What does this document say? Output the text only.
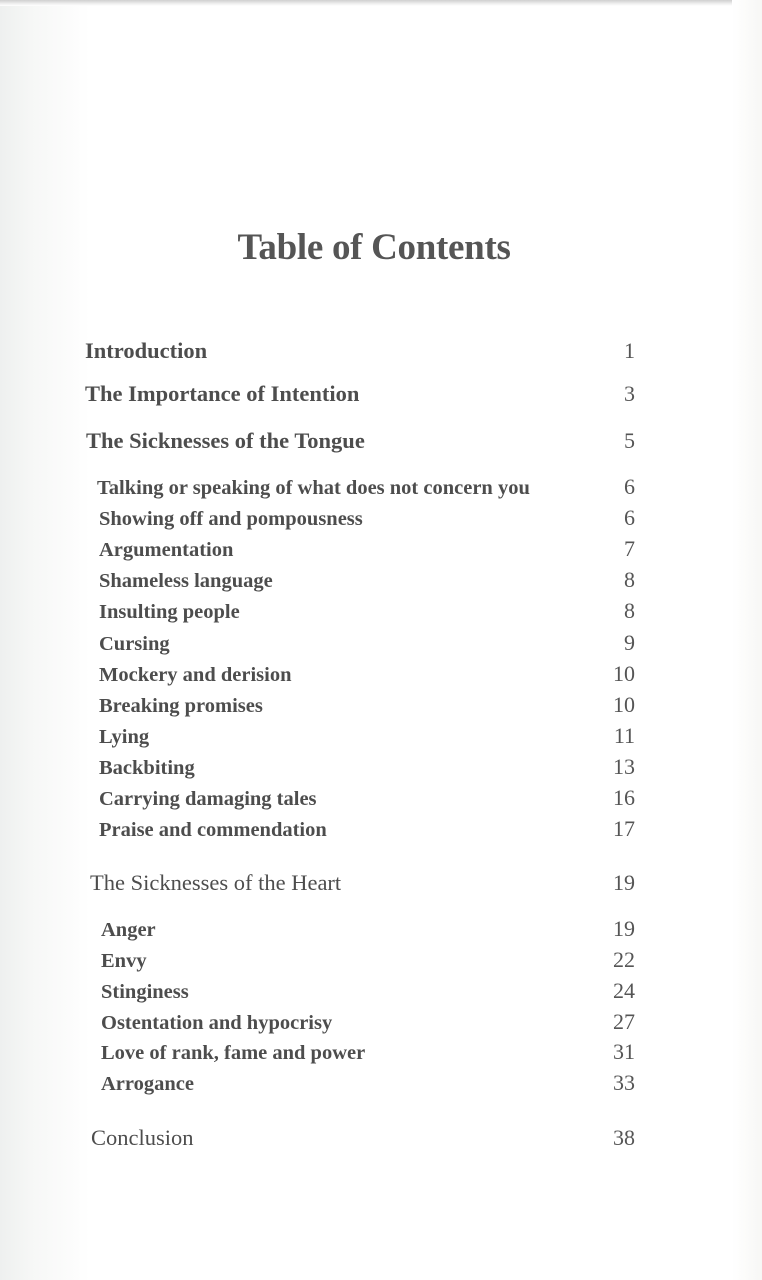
Table of Contents
Introduction	1
The Importance of Intention	3
The Sicknesses of the Tongue	5
Talking or speaking of what does not concern you	6
Showing off and pompousness	6
Argumentation	7
Shameless language	8
Insulting people	8
Cursing	9
Mockery and derision	10
Breaking promises	10
Lying	11
Backbiting	13
Carrying damaging tales	16
Praise and commendation	17
The Sicknesses of the Heart	19
Anger	19
Envy	22
Stinginess	24
Ostentation and hypocrisy	27
Love of rank, fame and power	31
Arrogance	33
Conclusion	38
